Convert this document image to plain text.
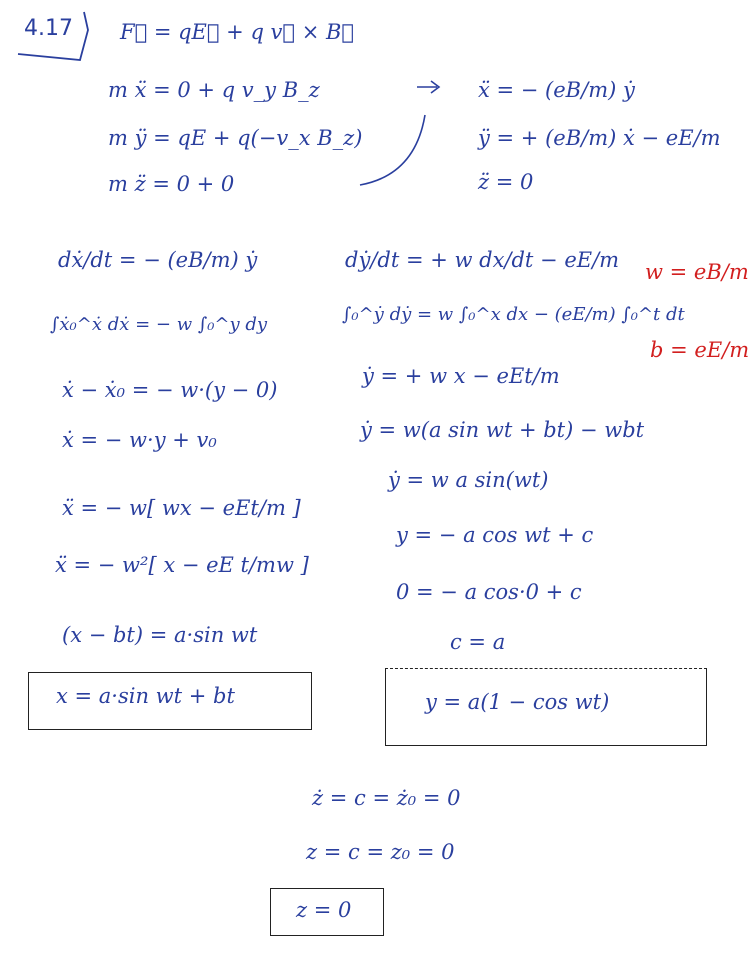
4.17 F⃗ = qE⃗ + q v⃗ × B⃗
m ẍ = 0 + q v_y B_z
m ÿ = qE + q(−v_x B_z)
m z̈ = 0 + 0
ẍ = − (eB/m) ẏ
ÿ = + (eB/m) ẋ − eE/m
z̈ = 0
dẋ/dt = − (eB/m) ẏ
∫ẋ₀^ẋ dẋ = − w ∫₀^y dy
ẋ − ẋ₀ = − w·(y − 0)
ẋ = − w·y + v₀
ẍ = − w[ wx − eEt/m ]
ẍ = − w²[ x − eE t/mw ]
(x − bt) = a·sin wt
x = a·sin wt + bt
dẏ/dt = + w dx/dt − eE/m
∫₀^ẏ dẏ = w ∫₀^x dx − (eE/m) ∫₀^t dt
ẏ = + w x − eEt/m
ẏ = w(a sin wt + bt) − wbt
ẏ = w a sin(wt)
y = − a cos wt + c
0 = − a cos·0 + c
c = a
y = a(1 − cos wt)
w = eB/m
b = eE/m
ż = c = ż₀ = 0
z = c = z₀ = 0
z = 0
